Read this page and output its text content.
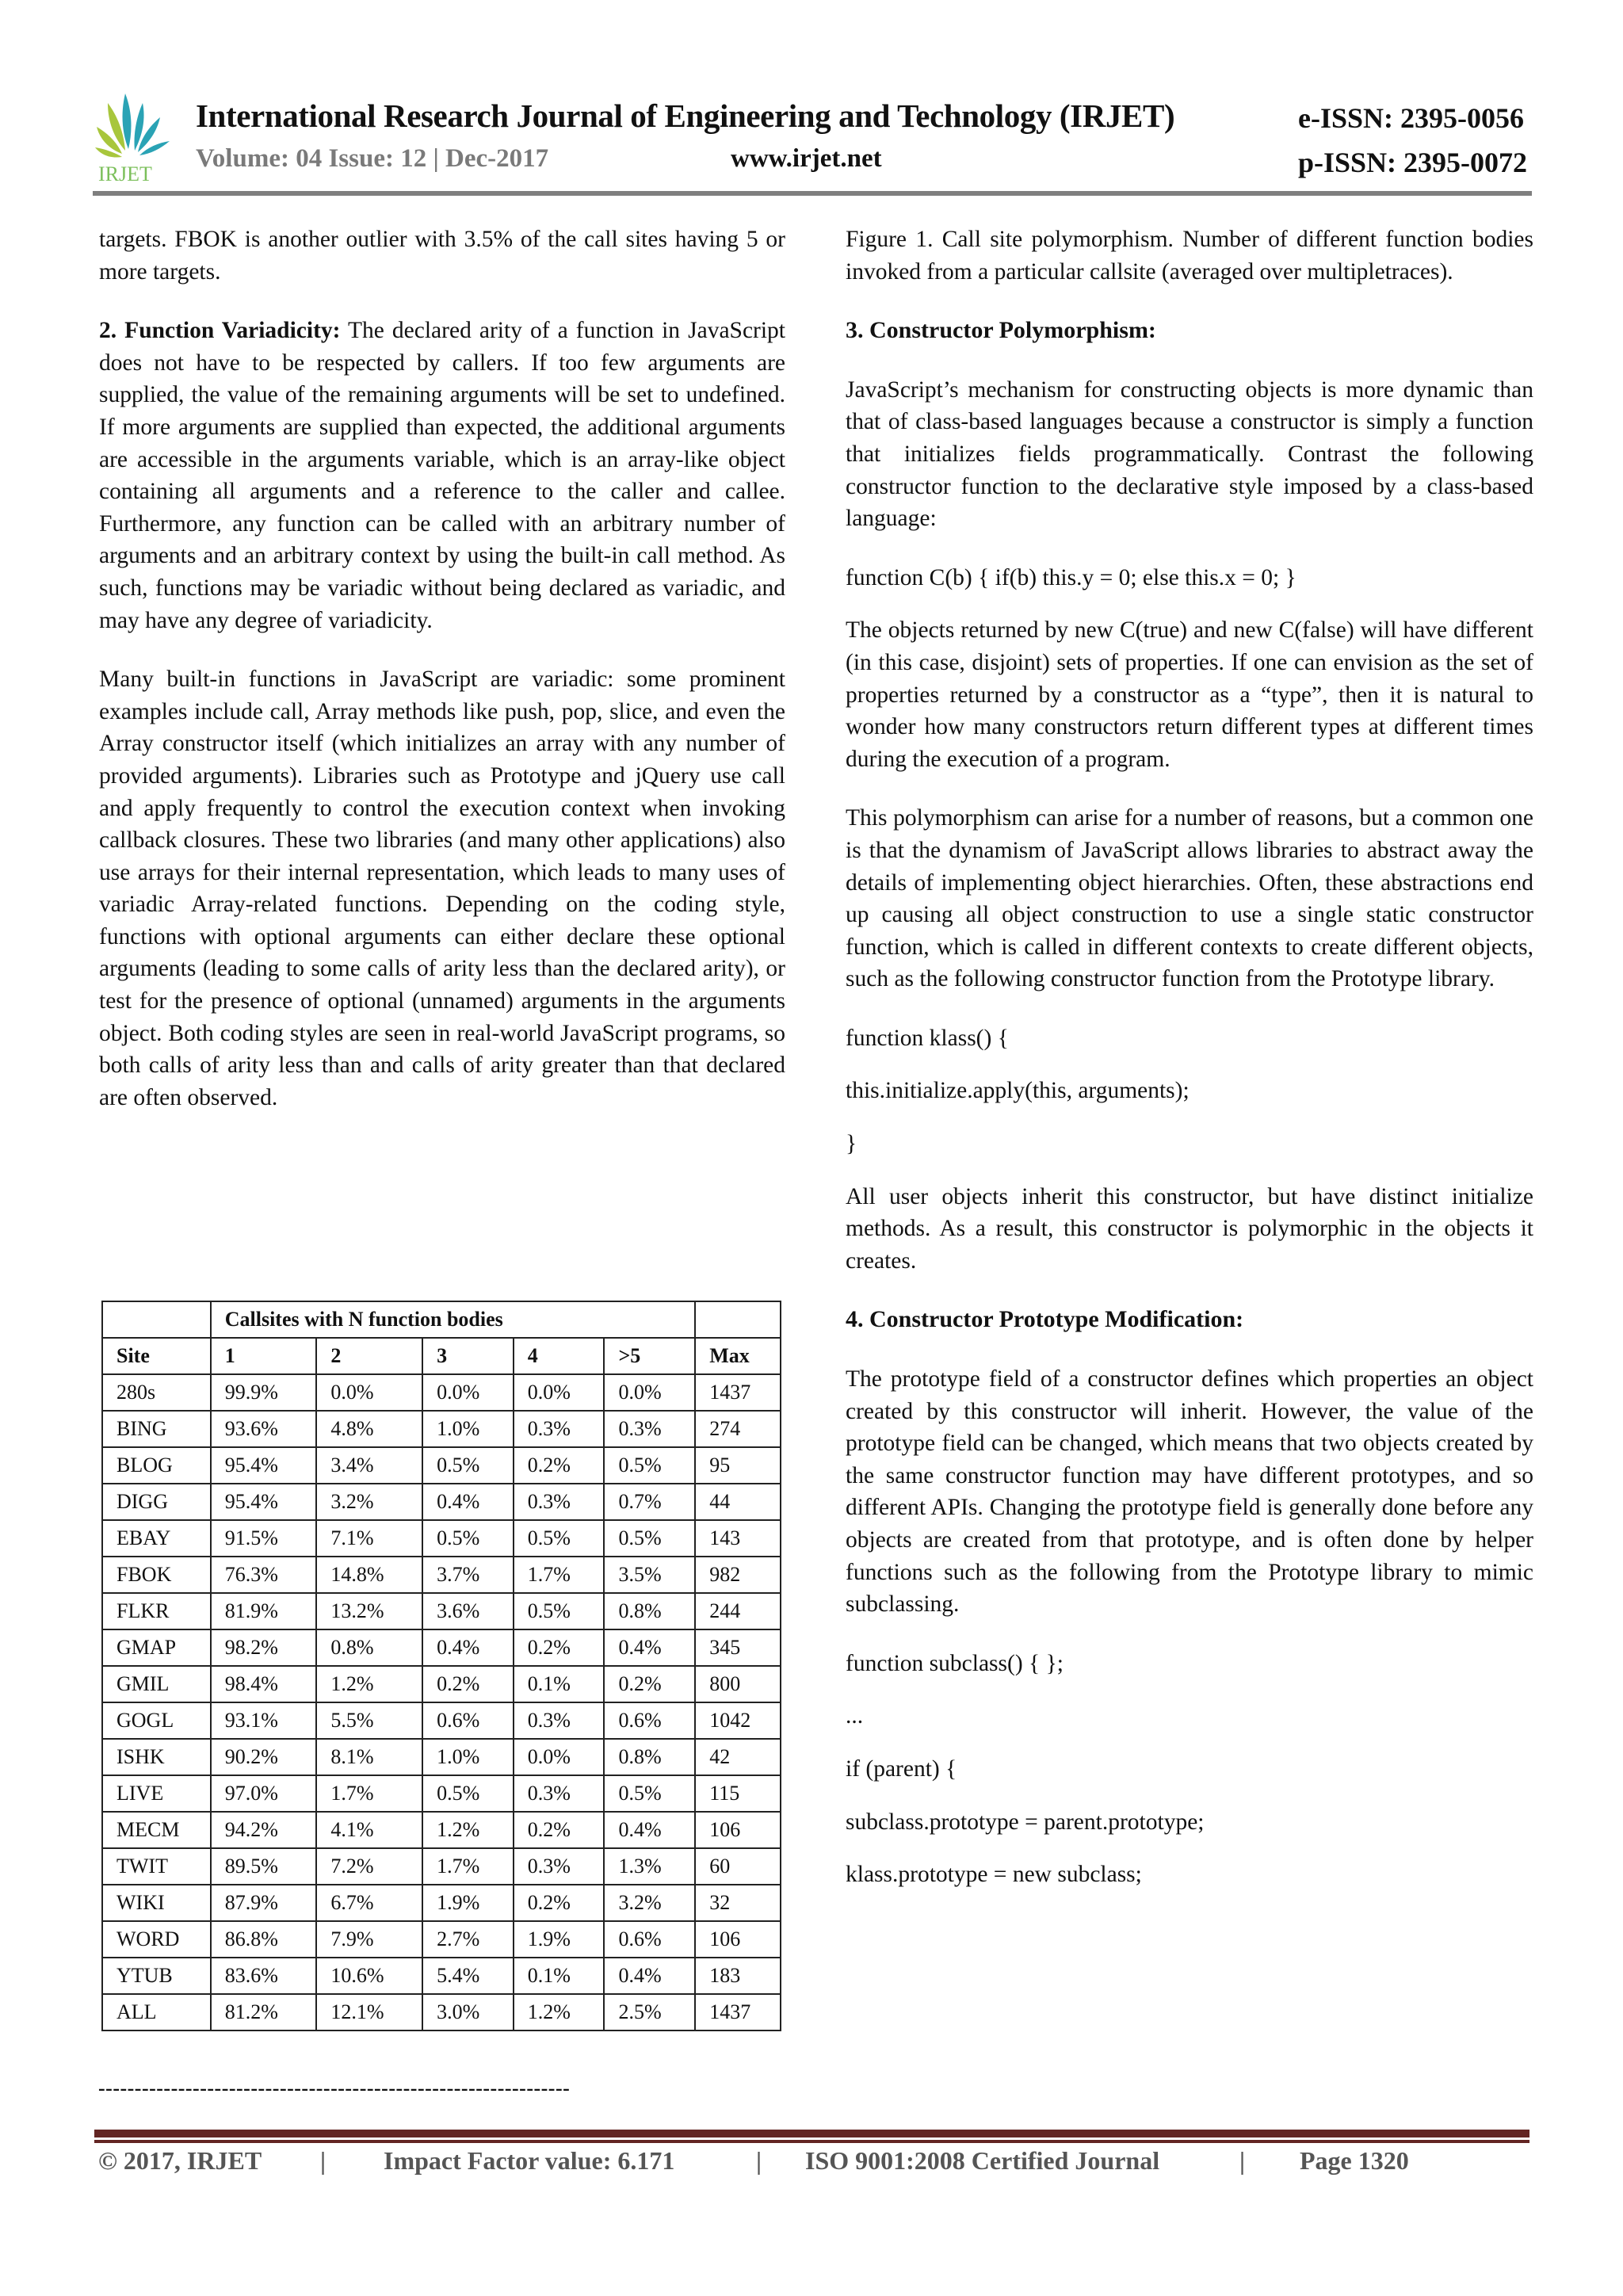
IRJET
International Research Journal of Engineering and Technology (IRJET)	e-ISSN: 2395-0056
Volume: 04 Issue: 12 | Dec-2017	www.irjet.net	p-ISSN: 2395-0072

targets. FBOK is another outlier with 3.5% of the call sites having 5 or more targets.

2. Function Variadicity: The declared arity of a function in JavaScript does not have to be respected by callers. If too few arguments are supplied, the value of the remaining arguments will be set to undefined. If more arguments are supplied than expected, the additional arguments are accessible in the arguments variable, which is an array-like object containing all arguments and a reference to the caller and callee. Furthermore, any function can be called with an arbitrary number of arguments and an arbitrary context by using the built-in call method. As such, functions may be variadic without being declared as variadic, and may have any degree of variadicity.

Many built-in functions in JavaScript are variadic: some prominent examples include call, Array methods like push, pop, slice, and even the Array constructor itself (which initializes an array with any number of provided arguments). Libraries such as Prototype and jQuery use call and apply frequently to control the execution context when invoking callback closures. These two libraries (and many other applications) also use arrays for their internal representation, which leads to many uses of variadic Array-related functions. Depending on the coding style, functions with optional arguments can either declare these optional arguments (leading to some calls of arity less than the declared arity), or test for the presence of optional (unnamed) arguments in the arguments object. Both coding styles are seen in real-world JavaScript programs, so both calls of arity less than and calls of arity greater than that declared are often observed.

	Callsites with N function bodies					
Site	1	2	3	4	>5	Max
280s	99.9%	0.0%	0.0%	0.0%	0.0%	1437
BING	93.6%	4.8%	1.0%	0.3%	0.3%	274
BLOG	95.4%	3.4%	0.5%	0.2%	0.5%	95
DIGG	95.4%	3.2%	0.4%	0.3%	0.7%	44
EBAY	91.5%	7.1%	0.5%	0.5%	0.5%	143
FBOK	76.3%	14.8%	3.7%	1.7%	3.5%	982
FLKR	81.9%	13.2%	3.6%	0.5%	0.8%	244
GMAP	98.2%	0.8%	0.4%	0.2%	0.4%	345
GMIL	98.4%	1.2%	0.2%	0.1%	0.2%	800
GOGL	93.1%	5.5%	0.6%	0.3%	0.6%	1042
ISHK	90.2%	8.1%	1.0%	0.0%	0.8%	42
LIVE	97.0%	1.7%	0.5%	0.3%	0.5%	115
MECM	94.2%	4.1%	1.2%	0.2%	0.4%	106
TWIT	89.5%	7.2%	1.7%	0.3%	1.3%	60
WIKI	87.9%	6.7%	1.9%	0.2%	3.2%	32
WORD	86.8%	7.9%	2.7%	1.9%	0.6%	106
YTUB	83.6%	10.6%	5.4%	0.1%	0.4%	183
ALL	81.2%	12.1%	3.0%	1.2%	2.5%	1437
-----------------------------------------------------------------

Figure 1. Call site polymorphism. Number of different function bodies invoked from a particular callsite (averaged over multipletraces).

3. Constructor Polymorphism:

JavaScript’s mechanism for constructing objects is more dynamic than that of class-based languages because a constructor is simply a function that initializes fields programmatically. Contrast the following constructor function to the declarative style imposed by a class-based language:

function C(b) { if(b) this.y = 0; else this.x = 0; }

The objects returned by new C(true) and new C(false) will have different (in this case, disjoint) sets of properties. If one can envision as the set of properties returned by a constructor as a “type”, then it is natural to wonder how many constructors return different types at different times during the execution of a program.

This polymorphism can arise for a number of reasons, but a common one is that the dynamism of JavaScript allows libraries to abstract away the details of implementing object hierarchies. Often, these abstractions end up causing all object construction to use a single static constructor function, which is called in different contexts to create different objects, such as the following constructor function from the Prototype library.

function klass() {

this.initialize.apply(this, arguments);

}

All user objects inherit this constructor, but have distinct initialize methods. As a result, this constructor is polymorphic in the objects it creates.

4. Constructor Prototype Modification:

The prototype field of a constructor defines which properties an object created by this constructor will inherit. However, the value of the prototype field can be changed, which means that two objects created by the same constructor function may have different prototypes, and so different APIs. Changing the prototype field is generally done before any objects are created from that prototype, and is often done by helper functions such as the following from the Prototype library to mimic subclassing.

function subclass() { };

...

if (parent) {

subclass.prototype = parent.prototype;

klass.prototype = new subclass;

© 2017, IRJET | Impact Factor value: 6.171	| ISO 9001:2008 Certified Journal	| Page 1320
